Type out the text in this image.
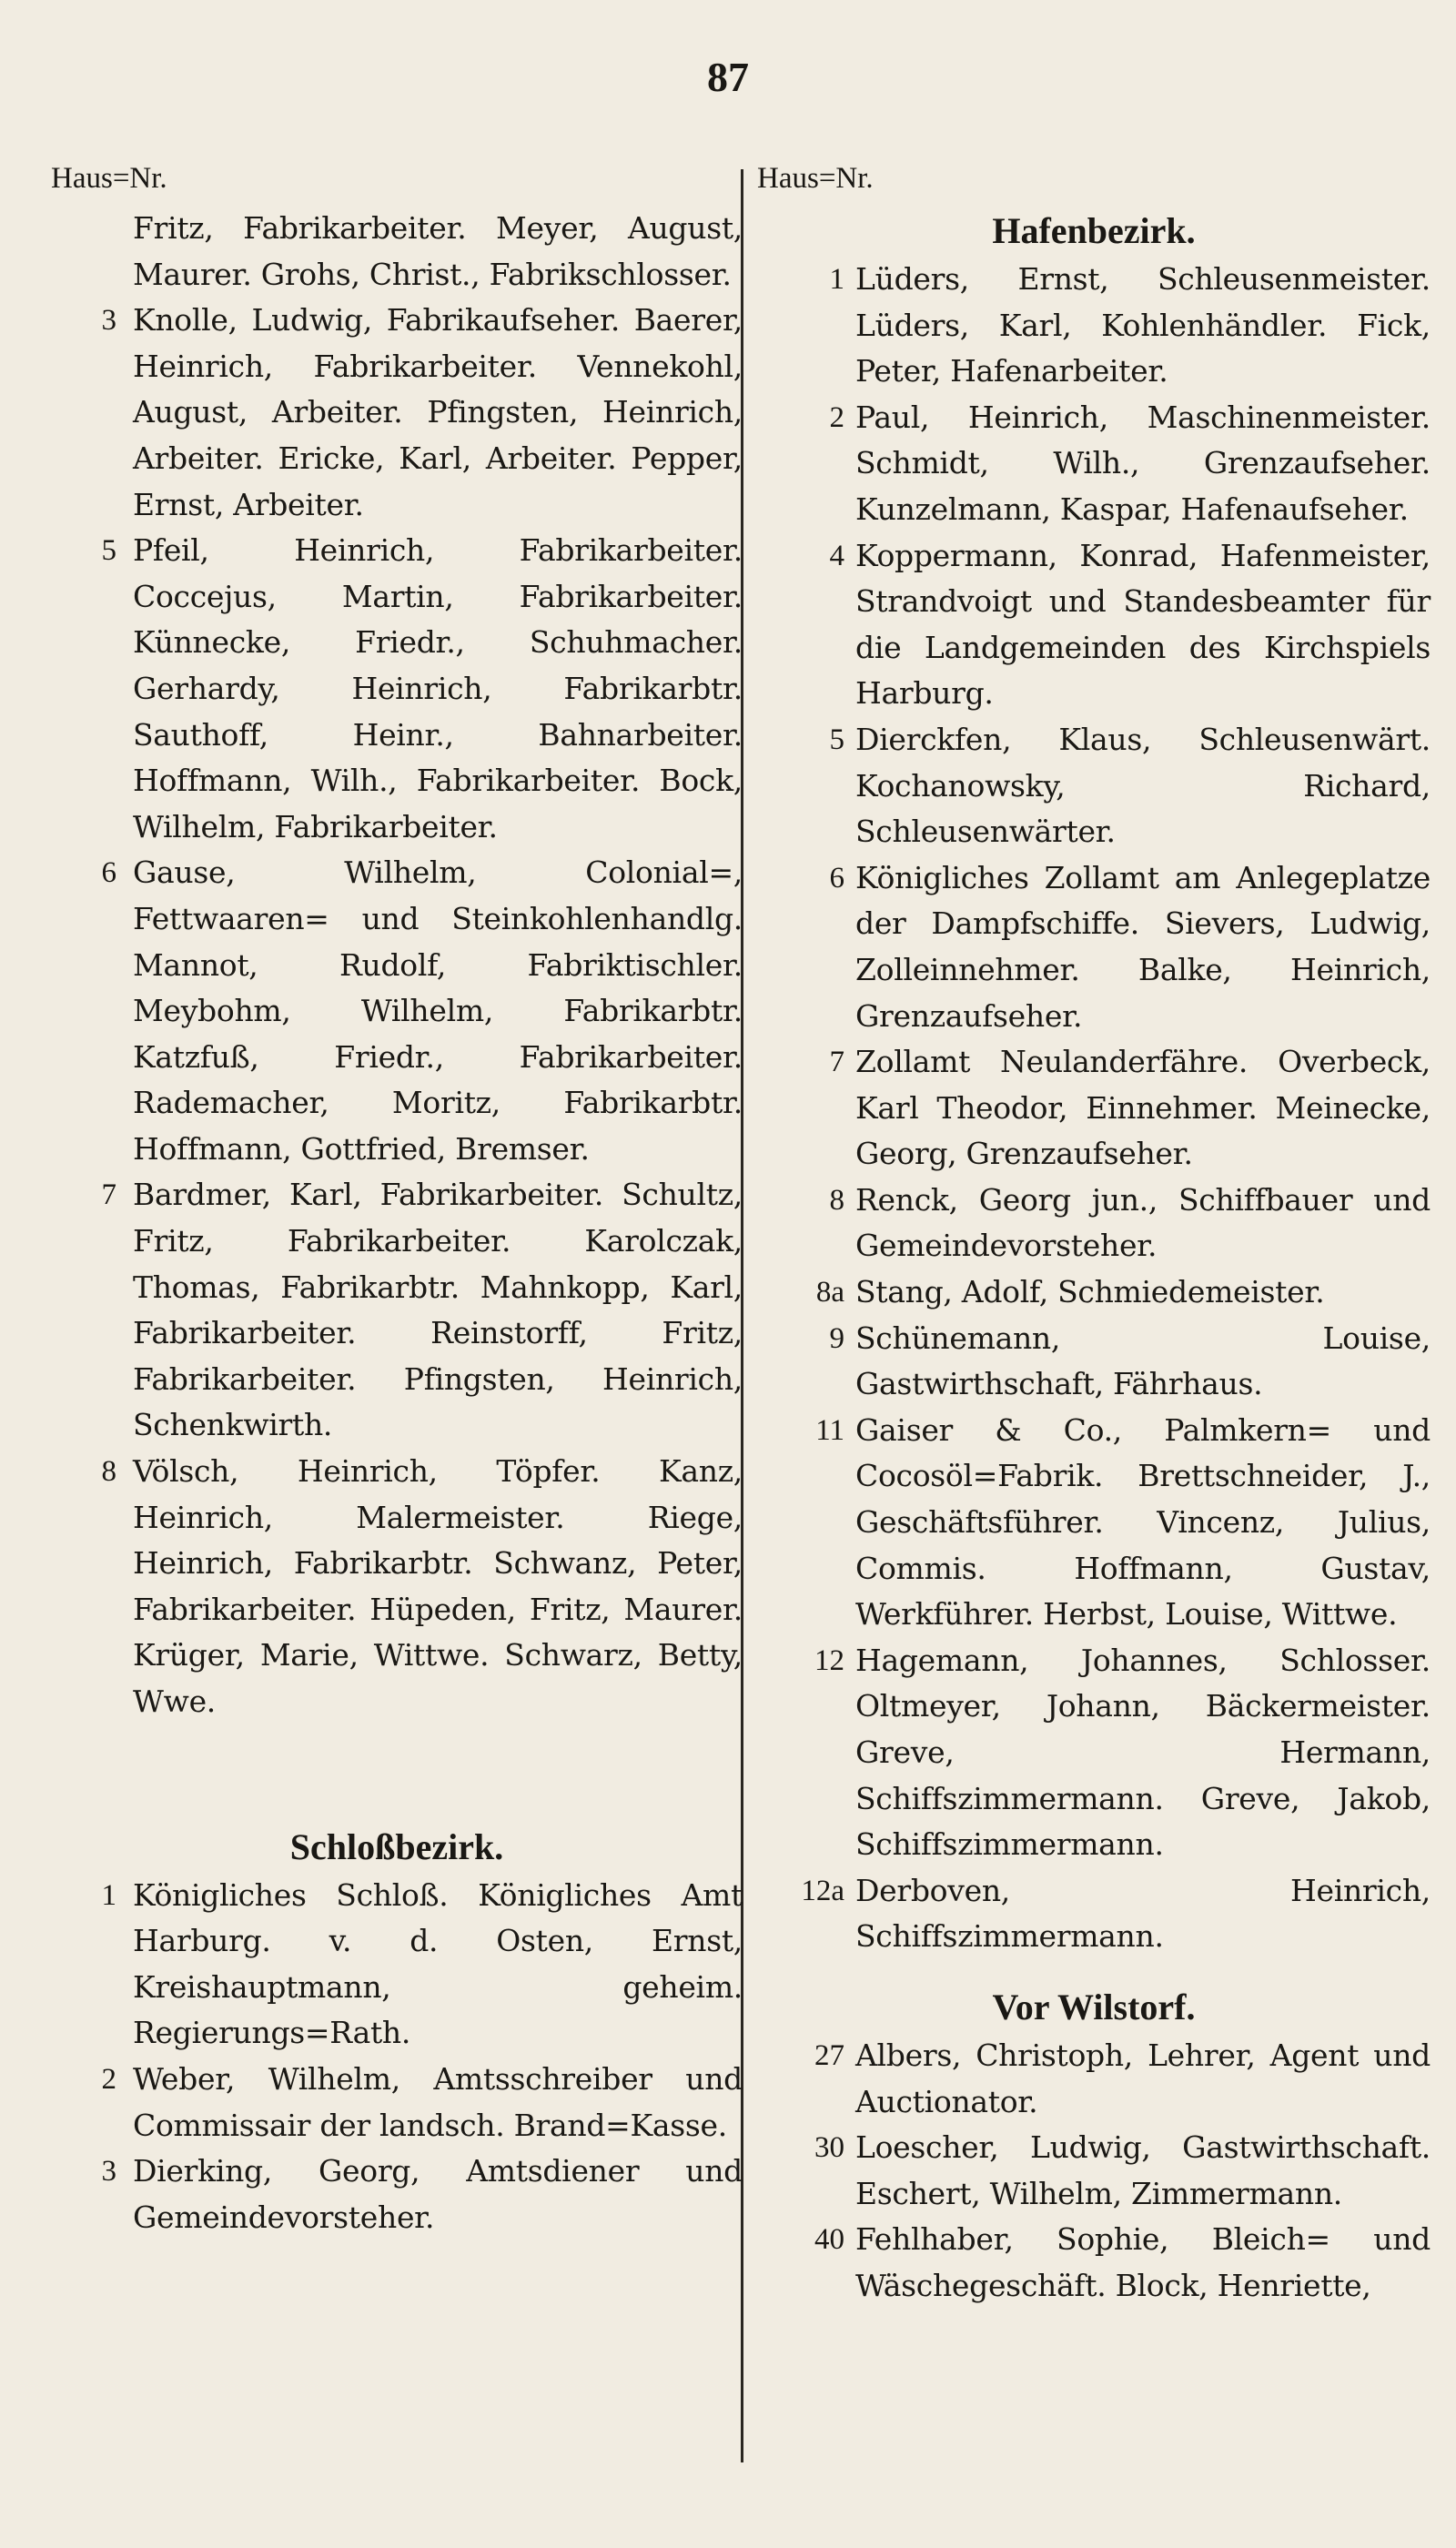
87
Haus=Nr.
Fritz, Fabrikarbeiter. Meyer, August, Maurer. Grohs, Christ., Fabrikschlosser.
3 Knolle, Ludwig, Fabrikaufseher. Baerer, Heinrich, Fabrikarbeiter. Vennekohl, August, Arbeiter. Pfingsten, Heinrich, Arbeiter. Ericke, Karl, Arbeiter. Pepper, Ernst, Arbeiter.
5 Pfeil, Heinrich, Fabrikarbeiter. Coccejus, Martin, Fabrikarbeiter. Künnecke, Friedr., Schuhmacher. Gerhardy, Heinrich, Fabrikarbtr. Sauthoff, Heinr., Bahnarbeiter. Hoffmann, Wilh., Fabrikarbeiter. Bock, Wilhelm, Fabrikarbeiter.
6 Gause, Wilhelm, Colonial=, Fettwaaren= und Steinkohlenhandlg. Mannot, Rudolf, Fabriktischler. Meybohm, Wilhelm, Fabrikarbtr. Katzfuß, Friedr., Fabrikarbeiter. Rademacher, Moritz, Fabrikarbtr. Hoffmann, Gottfried, Bremser.
7 Bardmer, Karl, Fabrikarbeiter. Schultz, Fritz, Fabrikarbeiter. Karolczak, Thomas, Fabrikarbtr. Mahnkopp, Karl, Fabrikarbeiter. Reinstorff, Fritz, Fabrikarbeiter. Pfingsten, Heinrich, Schenkwirth.
8 Völsch, Heinrich, Töpfer. Kanz, Heinrich, Malermeister. Riege, Heinrich, Fabrikarbtr. Schwanz, Peter, Fabrikarbeiter. Hüpeden, Fritz, Maurer. Krüger, Marie, Wittwe. Schwarz, Betty, Wwe.
Schloßbezirk.
1 Königliches Schloß. Königliches Amt Harburg. v. d. Osten, Ernst, Kreishauptmann, geheim. Regierungs=Rath.
2 Weber, Wilhelm, Amtsschreiber und Commissair der landsch. Brand=Kasse.
3 Dierking, Georg, Amtsdiener und Gemeindevorsteher.
Haus=Nr.
Hafenbezirk.
1 Lüders, Ernst, Schleusenmeister. Lüders, Karl, Kohlenhändler. Fick, Peter, Hafenarbeiter.
2 Paul, Heinrich, Maschinenmeister. Schmidt, Wilh., Grenzaufseher. Kunzelmann, Kaspar, Hafenaufseher.
4 Koppermann, Konrad, Hafenmeister, Strandvoigt und Standesbeamter für die Landgemeinden des Kirchspiels Harburg.
5 Dierckfen, Klaus, Schleusenwärt. Kochanowsky, Richard, Schleusenwärter.
6 Königliches Zollamt am Anlegeplatze der Dampfschiffe. Sievers, Ludwig, Zolleinnehmer. Balke, Heinrich, Grenzaufseher.
7 Zollamt Neulanderfähre. Overbeck, Karl Theodor, Einnehmer. Meinecke, Georg, Grenzaufseher.
8 Renck, Georg jun., Schiffbauer und Gemeindevorsteher.
8a Stang, Adolf, Schmiedemeister.
9 Schünemann, Louise, Gastwirthschaft, Fährhaus.
11 Gaiser & Co., Palmkern= und Cocosöl=Fabrik. Brettschneider, J., Geschäftsführer. Vincenz, Julius, Commis. Hoffmann, Gustav, Werkführer. Herbst, Louise, Wittwe.
12 Hagemann, Johannes, Schlosser. Oltmeyer, Johann, Bäckermeister. Greve, Hermann, Schiffszimmermann. Greve, Jakob, Schiffszimmermann.
12a Derboven, Heinrich, Schiffszimmermann.
Vor Wilstorf.
27 Albers, Christoph, Lehrer, Agent und Auctionator.
30 Loescher, Ludwig, Gastwirthschaft. Eschert, Wilhelm, Zimmermann.
40 Fehlhaber, Sophie, Bleich= und Wäschegeschäft. Block, Henriette,
